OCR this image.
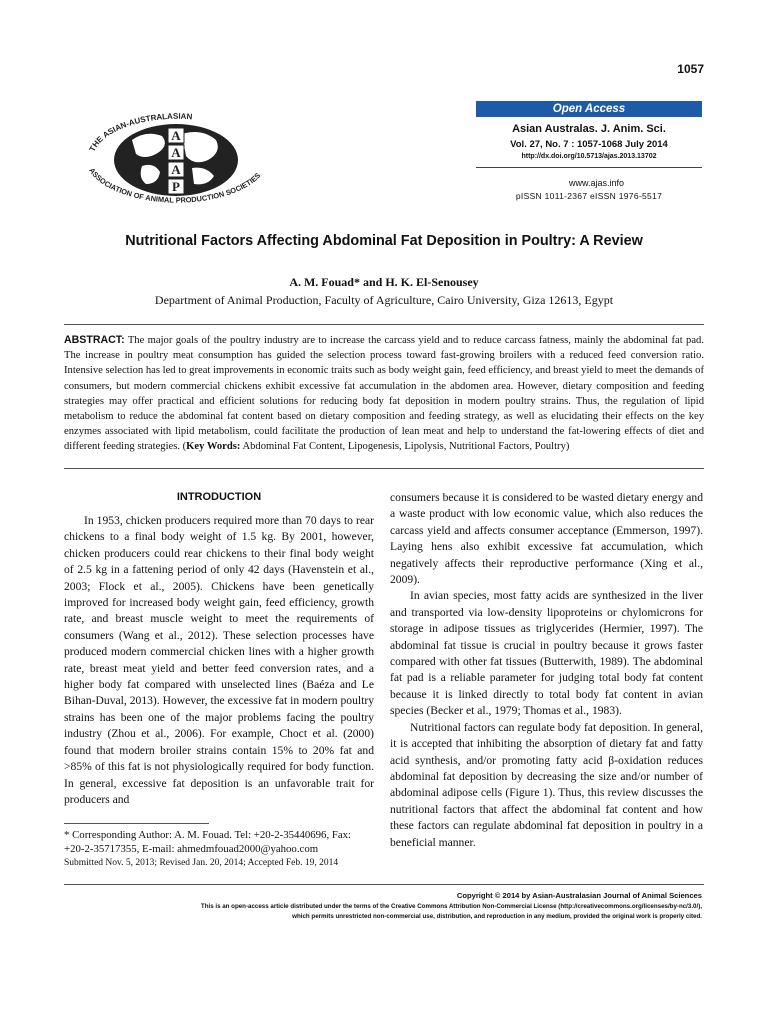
1057
A
A
A
P
THE ASIAN-AUSTRALASIAN
ASSOCIATION OF ANIMAL PRODUCTION SOCIETIES
Open Access
Asian Australas. J. Anim. Sci.
Vol. 27, No. 7 : 1057-1068 July 2014
http://dx.doi.org/10.5713/ajas.2013.13702
www.ajas.info
pISSN 1011-2367 eISSN 1976-5517
Nutritional Factors Affecting Abdominal Fat Deposition in Poultry: A Review
A. M. Fouad* and H. K. El-Senousey
Department of Animal Production, Faculty of Agriculture, Cairo University, Giza 12613, Egypt
ABSTRACT: The major goals of the poultry industry are to increase the carcass yield and to reduce carcass fatness, mainly the abdominal fat pad. The increase in poultry meat consumption has guided the selection process toward fast-growing broilers with a reduced feed conversion ratio. Intensive selection has led to great improvements in economic traits such as body weight gain, feed efficiency, and breast yield to meet the demands of consumers, but modern commercial chickens exhibit excessive fat accumulation in the abdomen area. However, dietary composition and feeding strategies may offer practical and efficient solutions for reducing body fat deposition in modern poultry strains. Thus, the regulation of lipid metabolism to reduce the abdominal fat content based on dietary composition and feeding strategy, as well as elucidating their effects on the key enzymes associated with lipid metabolism, could facilitate the production of lean meat and help to understand the fat-lowering effects of diet and different feeding strategies. (Key Words: Abdominal Fat Content, Lipogenesis, Lipolysis, Nutritional Factors, Poultry)
INTRODUCTION

In 1953, chicken producers required more than 70 days to rear chickens to a final body weight of 1.5 kg. By 2001, however, chicken producers could rear chickens to their final body weight of 2.5 kg in a fattening period of only 42 days (Havenstein et al., 2003; Flock et al., 2005). Chickens have been genetically improved for increased body weight gain, feed efficiency, growth rate, and breast muscle weight to meet the requirements of consumers (Wang et al., 2012). These selection processes have produced modern commercial chicken lines with a higher growth rate, breast meat yield and better feed conversion rates, and a higher body fat compared with unselected lines (Baéza and Le Bihan-Duval, 2013). However, the excessive fat in modern poultry strains has been one of the major problems facing the poultry industry (Zhou et al., 2006). For example, Choct et al. (2000) found that modern broiler strains contain 15% to 20% fat and >85% of this fat is not physiologically required for body function. In general, excessive fat deposition is an unfavorable trait for producers and

consumers because it is considered to be wasted dietary energy and a waste product with low economic value, which also reduces the carcass yield and affects consumer acceptance (Emmerson, 1997). Laying hens also exhibit excessive fat accumulation, which negatively affects their reproductive performance (Xing et al., 2009).

In avian species, most fatty acids are synthesized in the liver and transported via low-density lipoproteins or chylomicrons for storage in adipose tissues as triglycerides (Hermier, 1997). The abdominal fat tissue is crucial in poultry because it grows faster compared with other fat tissues (Butterwith, 1989). The abdominal fat pad is a reliable parameter for judging total body fat content because it is linked directly to total body fat content in avian species (Becker et al., 1979; Thomas et al., 1983).

Nutritional factors can regulate body fat deposition. In general, it is accepted that inhibiting the absorption of dietary fat and fatty acid synthesis, and/or promoting fatty acid β-oxidation reduces abdominal fat deposition by decreasing the size and/or number of abdominal adipose cells (Figure 1). Thus, this review discusses the nutritional factors that affect the abdominal fat content and how these factors can regulate abdominal fat deposition in poultry in a beneficial manner.

* Corresponding Author: A. M. Fouad. Tel: +20-2-35440696, Fax: +20-2-35717355, E-mail: ahmedmfouad2000@yahoo.com
Submitted Nov. 5, 2013; Revised Jan. 20, 2014; Accepted Feb. 19, 2014
Copyright © 2014 by Asian-Australasian Journal of Animal Sciences
This is an open-access article distributed under the terms of the Creative Commons Attribution Non-Commercial License (http://creativecommons.org/licenses/by-nc/3.0/),
which permits unrestricted non-commercial use, distribution, and reproduction in any medium, provided the original work is properly cited.
